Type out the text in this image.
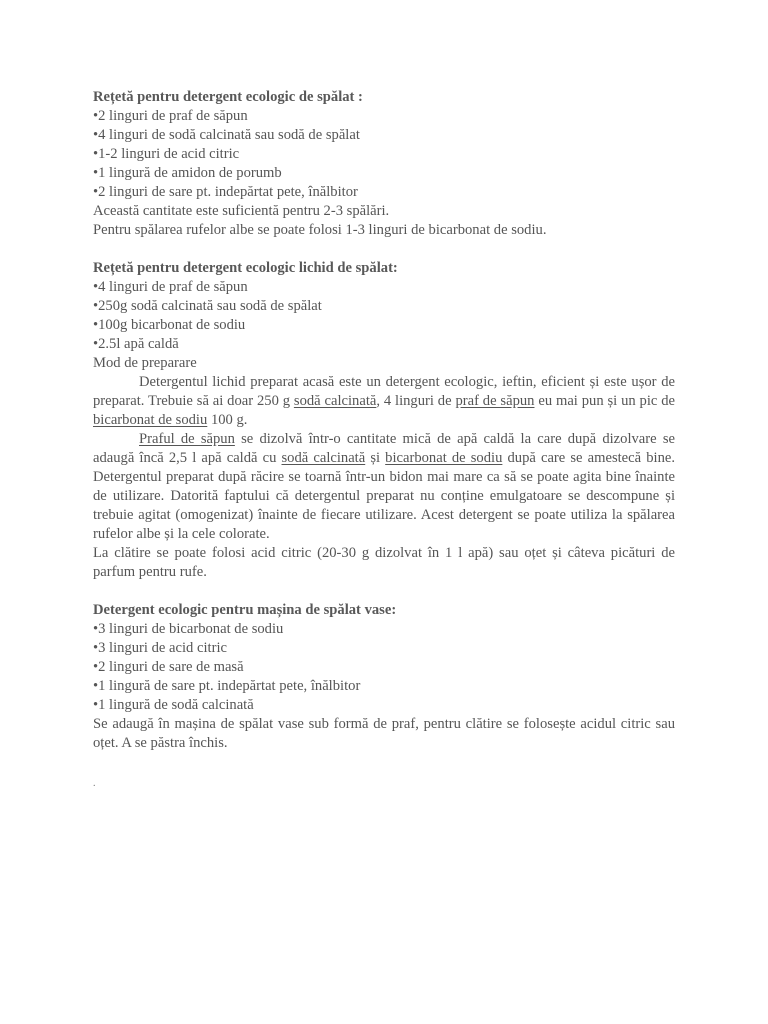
Rețetă pentru detergent ecologic de spălat :

•2 linguri de praf de săpun

•4 linguri de sodă calcinată sau sodă de spălat

•1-2 linguri de acid citric

•1 lingură de amidon de porumb

•2 linguri de sare pt. indepărtat pete, înălbitor

Această cantitate este suficientă pentru 2-3 spălări.

Pentru spălarea rufelor albe se poate folosi 1-3 linguri de bicarbonat de sodiu.

Rețetă pentru detergent ecologic lichid de spălat:

•4 linguri de praf de săpun

•250g sodă calcinată sau sodă de spălat

•100g bicarbonat de sodiu

•2.5l apă caldă

Mod de preparare

Detergentul lichid preparat acasă este un detergent ecologic, ieftin, eficient și este ușor de preparat. Trebuie să ai doar 250 g sodă calcinată, 4 linguri de praf de săpun eu mai pun și un pic de bicarbonat de sodiu 100 g.

Praful de săpun se dizolvă într-o cantitate mică de apă caldă la care după dizolvare se adaugă încă 2,5 l apă caldă cu sodă calcinată și bicarbonat de sodiu după care se amestecă bine. Detergentul preparat după răcire se toarnă într-un bidon mai mare ca să se poate agita bine înainte de utilizare. Datorită faptului că detergentul preparat nu conține emulgatoare se descompune și trebuie agitat (omogenizat) înainte de fiecare utilizare. Acest detergent se poate utiliza la spălarea rufelor albe și la cele colorate.

La clătire se poate folosi acid citric (20-30 g dizolvat în 1 l apă) sau oțet și câteva picături de parfum pentru rufe.

Detergent ecologic pentru mașina de spălat vase:

•3 linguri de bicarbonat de sodiu

•3 linguri de acid citric

•2 linguri de sare de masă

•1 lingură de sare pt. indepărtat pete, înălbitor

•1 lingură de sodă calcinată

Se adaugă în mașina de spălat vase sub formă de praf, pentru clătire se folosește acidul citric sau oțet. A se păstra închis.

.
